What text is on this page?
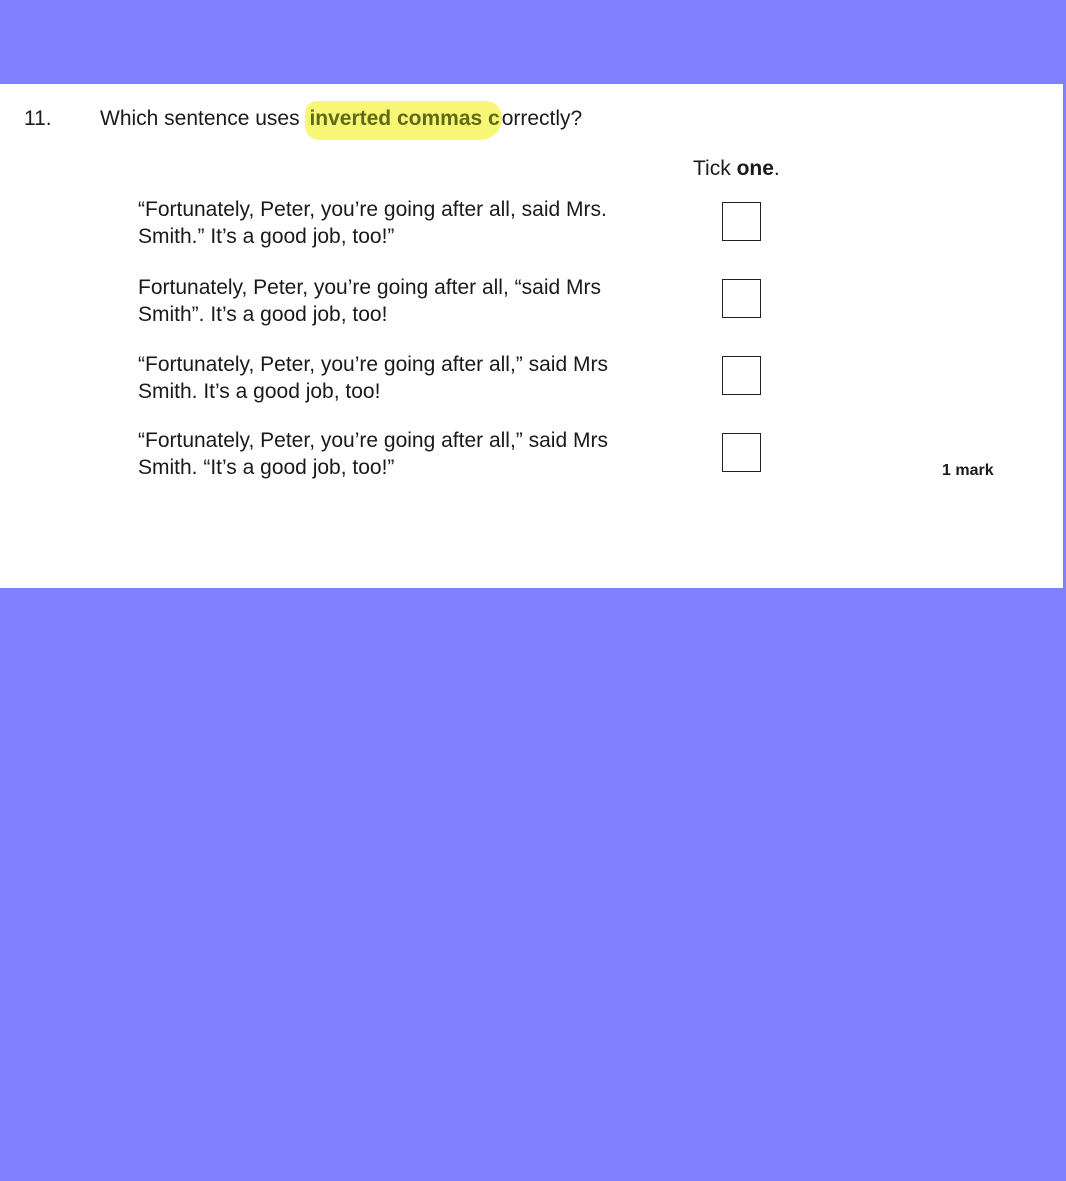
11. Which sentence uses inverted commas correctly?
Tick one.
“Fortunately, Peter, you’re going after all, said Mrs.
Smith.” It’s a good job, too!”
Fortunately, Peter, you’re going after all, “said Mrs
Smith”. It’s a good job, too!
“Fortunately, Peter, you’re going after all,” said Mrs
Smith. It’s a good job, too!
“Fortunately, Peter, you’re going after all,” said Mrs
Smith. “It’s a good job, too!”	1 mark
